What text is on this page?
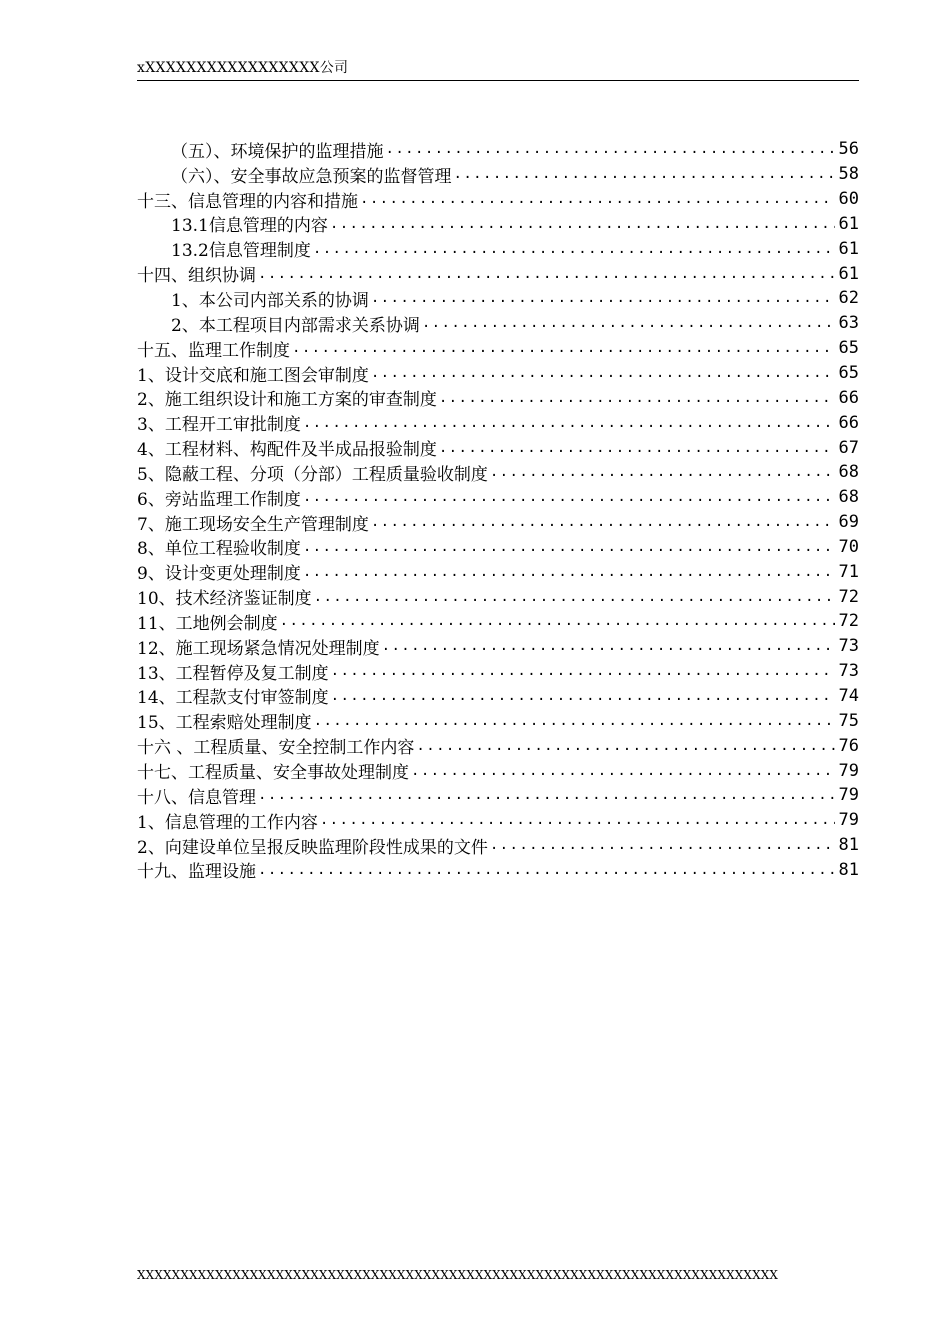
xXXXXXXXXXXXXXXXXX公司
（五）、环境保护的监理措施 .....	56
（六）、安全事故应急预案的监督管理 .....	58
十三、信息管理的内容和措施 .....	60
13.1信息管理的内容 .....	61
13.2信息管理制度 .....	61
十四、组织协调 .....	61
1、本公司内部关系的协调 .....	62
2、本工程项目内部需求关系协调 .....	63
十五、监理工作制度 .....	65
1、设计交底和施工图会审制度 .....	65
2、施工组织设计和施工方案的审查制度 .....	66
3、工程开工审批制度 .....	66
4、工程材料、构配件及半成品报验制度 .....	67
5、隐蔽工程、分项（分部）工程质量验收制度 .....	68
6、旁站监理工作制度 .....	68
7、施工现场安全生产管理制度 .....	69
8、单位工程验收制度 .....	70
9、设计变更处理制度 .....	71
10、技术经济鉴证制度 .....	72
11、工地例会制度 .....	72
12、施工现场紧急情况处理制度 .....	73
13、工程暂停及复工制度 .....	73
14、工程款支付审签制度 .....	74
15、工程索赔处理制度 .....	75
十六 、工程质量、安全控制工作内容 .....	76
十七、工程质量、安全事故处理制度 .....	79
十八、信息管理 .....	79
1、信息管理的工作内容 .....	79
2、向建设单位呈报反映监理阶段性成果的文件 .....	81
十九、监理设施 .....	81
XXXXXXXXXXXXXXXXXXXXXXXXXXXXXXXXXXXXXXXXXXXXXXXXXXXXXXXXXXXXXXXXXXXXXXXXXX
